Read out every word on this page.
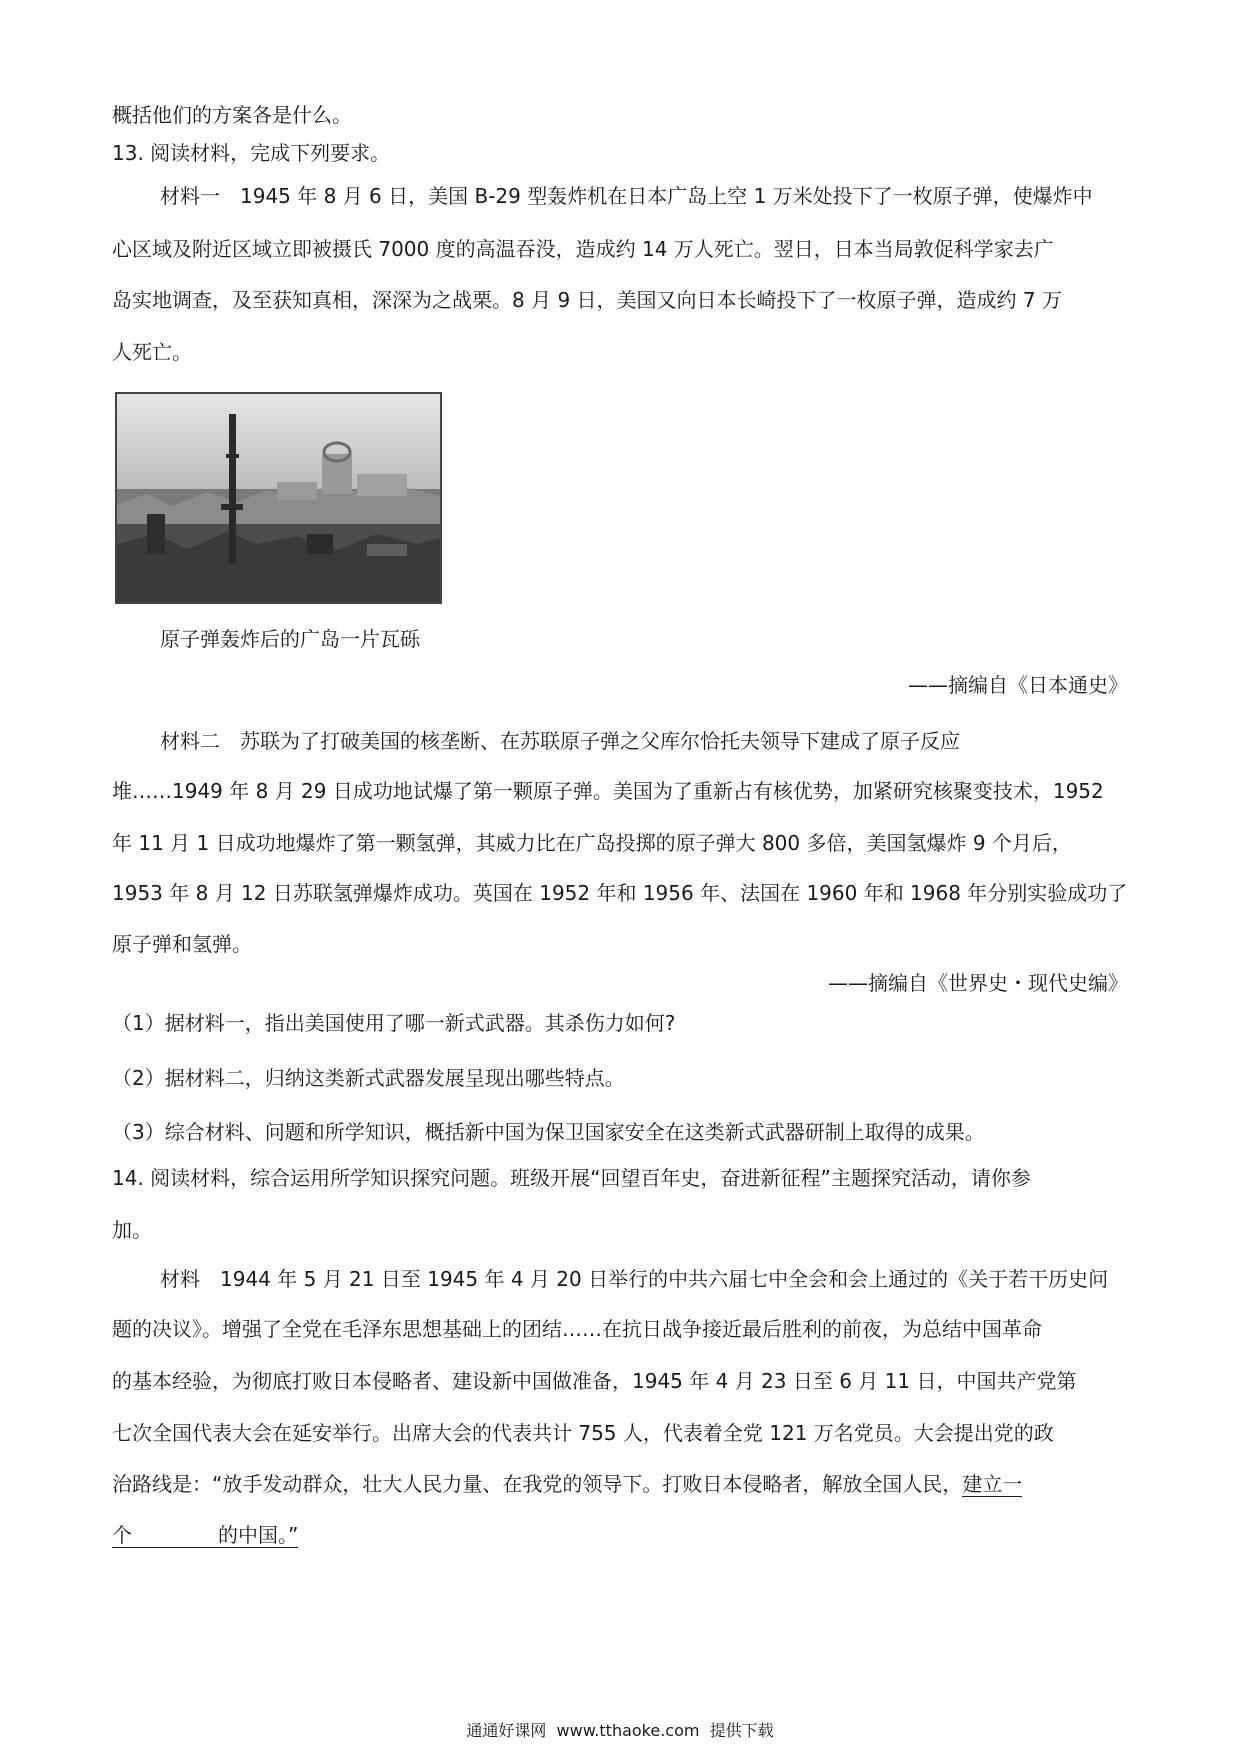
概括他们的方案各是什么。
13. 阅读材料，完成下列要求。
材料一　1945 年 8 月 6 日，美国 B-29 型轰炸机在日本广岛上空 1 万米处投下了一枚原子弹，使爆炸中
心区域及附近区域立即被摄氏 7000 度的高温吞没，造成约 14 万人死亡。翌日，日本当局敦促科学家去广
岛实地调查，及至获知真相，深深为之战栗。8 月 9 日，美国又向日本长崎投下了一枚原子弹，造成约 7 万
人死亡。
原子弹轰炸后的广岛一片瓦砾
——摘编自《日本通史》
材料二　苏联为了打破美国的核垄断、在苏联原子弹之父库尔恰托夫领导下建成了原子反应
堆……1949 年 8 月 29 日成功地试爆了第一颗原子弹。美国为了重新占有核优势，加紧研究核聚变技术，1952
年 11 月 1 日成功地爆炸了第一颗氢弹，其威力比在广岛投掷的原子弹大 800 多倍，美国氢爆炸 9 个月后，
1953 年 8 月 12 日苏联氢弹爆炸成功。英国在 1952 年和 1956 年、法国在 1960 年和 1968 年分别实验成功了
原子弹和氢弹。
——摘编自《世界史・现代史编》
（1）据材料一，指出美国使用了哪一新式武器。其杀伤力如何?
（2）据材料二，归纳这类新式武器发展呈现出哪些特点。
（3）综合材料、问题和所学知识，概括新中国为保卫国家安全在这类新式武器研制上取得的成果。
14. 阅读材料，综合运用所学知识探究问题。班级开展“回望百年史，奋进新征程”主题探究活动，请你参
加。
材料　1944 年 5 月 21 日至 1945 年 4 月 20 日举行的中共六届七中全会和会上通过的《关于若干历史问
题的决议》。增强了全党在毛泽东思想基础上的团结……在抗日战争接近最后胜利的前夜，为总结中国革命
的基本经验，为彻底打败日本侵略者、建设新中国做准备，1945 年 4 月 23 日至 6 月 11 日，中国共产党第
七次全国代表大会在延安举行。出席大会的代表共计 755 人，代表着全党 121 万名党员。大会提出党的政
治路线是：“放手发动群众，壮大人民力量、在我党的领导下。打败日本侵略者，解放全国人民，建立一
个	的中国。”
通通好课网  www.tthaoke.com  提供下载
